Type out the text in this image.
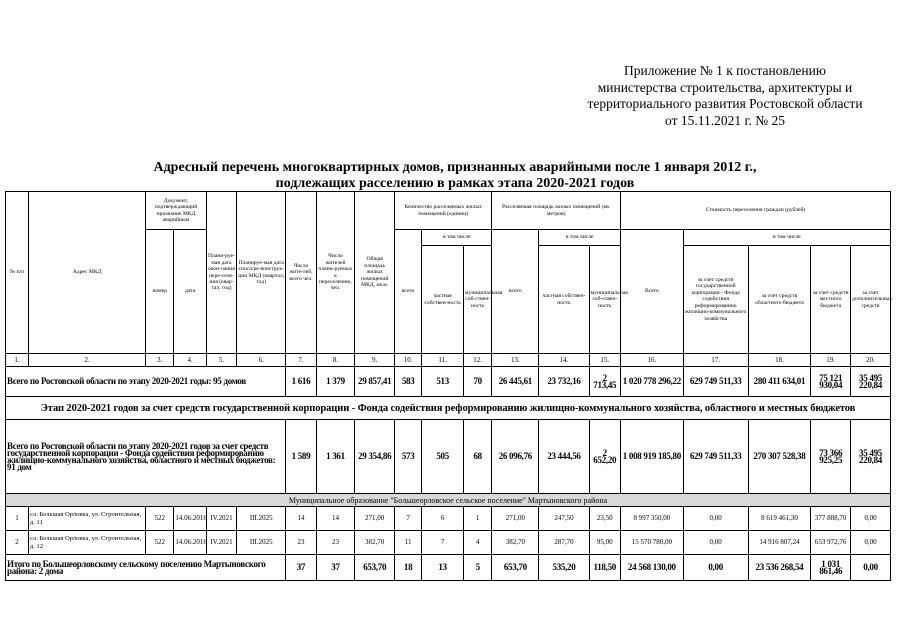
Приложение № 1 к постановлению
министерства строительства, архитектуры и
территориального развития Ростовской области
от 15.11.2021 г. № 25
Адресный перечень многоквартирных домов, признанных аварийными после 1 января 2012 г.,
подлежащих расселению в рамках этапа 2020-2021 годов
№ п/п	Адрес МКД	Документ, подтверждающий признание МКД аварийным		Плани-руе-мая дата окон-чания пере-селе-ния (квар-тал, год)	Планируе-мая дата сноса/ре-конструк-ции МКД (квартал, год)	Число жите-лей, всего чел.	Число жителей плани-руемых к переселению, чел.	Общая площадь жилых помещений МКД, кв.м.	Количество расселяемых жилых помещений (единиц)			Расселяемая площадь жилых помещений (кв. метров)			Стоимость переселения граждан (рублей)				
		номер	дата						всего	в том числе		всего	в том числе		Всего	в том числе			
										частная собствен-ность	муниципальная соб-ствен-ность		частная собствен-ность	муниципальная соб-ствен-ность		за счет средств государственной корпорации - Фонда содействия реформированию жилищно-коммунального хозяйства	за счет средств областного бюджета	за счет средств местного бюджета	за счет дополнительных средств
1.	2.	3.	4.	5.	6.	7.	8.	9.	10.	11.	12.	13.	14.	15.	16.	17.	18.	19.	20.
Всего по Ростовской области по этапу 2020-2021 годы: 95 домов						1 616	1 379	29 857,41	583	513	70	26 445,61	23 732,16	2 713,45	1 020 778 296,22	629 749 511,33	280 411 634,01	75 121 930,04	35 495 220,84
Этап 2020-2021 годов за счет средств государственной корпорации - Фонда содействия реформированию жилищно-коммунального хозяйства, областного и местных бюджетов																			
Всего по Ростовской области по этапу 2020-2021 годов за счет средств государственной корпорации - Фонда содействия реформированию жилищно-коммунального хозяйства, областного и местных бюджетов: 91 дом						1 589	1 361	29 354,86	573	505	68	26 096,76	23 444,56	2 652,20	1 008 919 185,80	629 749 511,33	270 307 528,38	73 366 925,25	35 495 220,84
Муниципальное образование "Большеорловское сельское поселение" Мартыновского района																			
1	сл. Большая Орловка, ул. Строительная, д. 11	522	14.06.2016	IV.2021	III.2025	14	14	271,00	7	6	1	271,00	247,50	23,50	8 997 350,00	0,00	8 619 461,30	377 888,70	0,00
2	сл. Большая Орловка, ул. Строительная, д. 12	522	14.06.2016	IV.2021	III.2025	23	23	382,70	11	7	4	382,70	287,70	95,00	15 570 780,00	0,00	14 916 807,24	653 972,76	0,00
Итого по Большеорловскому сельскому поселению Мартыновского района: 2 дома						37	37	653,70	18	13	5	653,70	535,20	118,50	24 568 130,00	0,00	23 536 268,54	1 031 861,46	0,00
